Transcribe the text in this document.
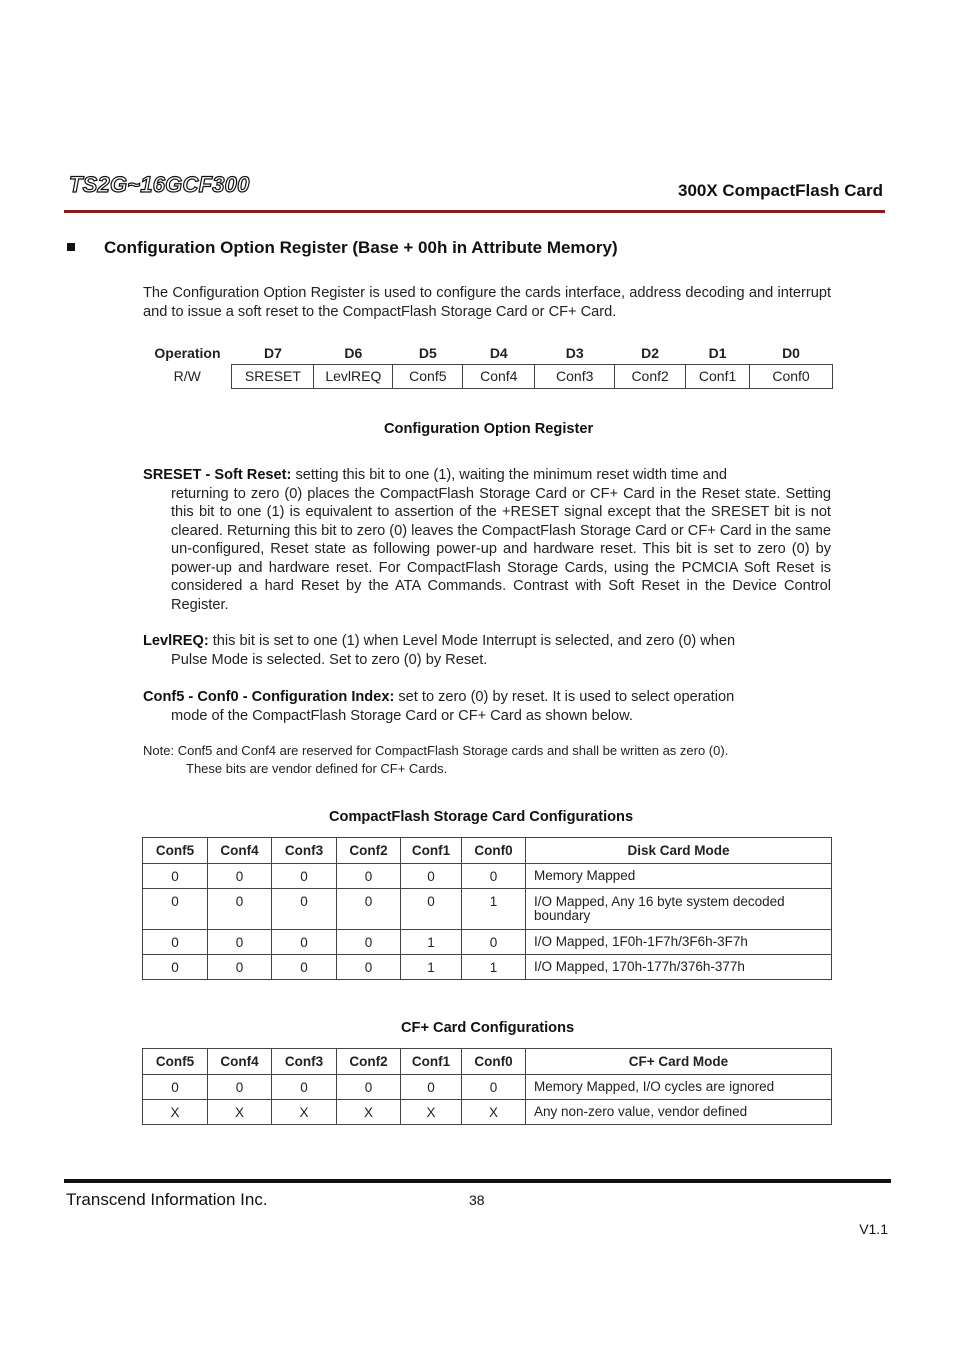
TS2G~16GCF300	300X CompactFlash Card
Configuration Option Register (Base + 00h in Attribute Memory)
The Configuration Option Register is used to configure the cards interface, address decoding and interrupt and to issue a soft reset to the CompactFlash Storage Card or CF+ Card.
Operation	D7	D6	D5	D4	D3	D2	D1	D0
R/W	SRESET	LevlREQ	Conf5	Conf4	Conf3	Conf2	Conf1	Conf0
Configuration Option Register
SRESET - Soft Reset: setting this bit to one (1), waiting the minimum reset width time and
returning to zero (0) places the CompactFlash Storage Card or CF+ Card in the Reset state. Setting this bit to one (1) is equivalent to assertion of the +RESET signal except that the SRESET bit is not cleared. Returning this bit to zero (0) leaves the CompactFlash Storage Card or CF+ Card in the same un-configured, Reset state as following power-up and hardware reset. This bit is set to zero (0) by power-up and hardware reset. For CompactFlash Storage Cards, using the PCMCIA Soft Reset is considered a hard Reset by the ATA Commands. Contrast with Soft Reset in the Device Control Register.
LevlREQ: this bit is set to one (1) when Level Mode Interrupt is selected, and zero (0) when
Pulse Mode is selected. Set to zero (0) by Reset.
Conf5 - Conf0 - Configuration Index: set to zero (0) by reset. It is used to select operation
mode of the CompactFlash Storage Card or CF+ Card as shown below.
Note: Conf5 and Conf4 are reserved for CompactFlash Storage cards and shall be written as zero (0).
These bits are vendor defined for CF+ Cards.
CompactFlash Storage Card Configurations
Conf5	Conf4	Conf3	Conf2	Conf1	Conf0	Disk Card Mode
0	0	0	0	0	0	Memory Mapped
0	0	0	0	0	1	I/O Mapped, Any 16 byte system decoded boundary
0	0	0	0	1	0	I/O Mapped, 1F0h-1F7h/3F6h-3F7h
0	0	0	0	1	1	I/O Mapped, 170h-177h/376h-377h
CF+ Card Configurations
Conf5	Conf4	Conf3	Conf2	Conf1	Conf0	CF+ Card Mode
0	0	0	0	0	0	Memory Mapped, I/O cycles are ignored
X	X	X	X	X	X	Any non-zero value, vendor defined
Transcend Information Inc.	38
V1.1
